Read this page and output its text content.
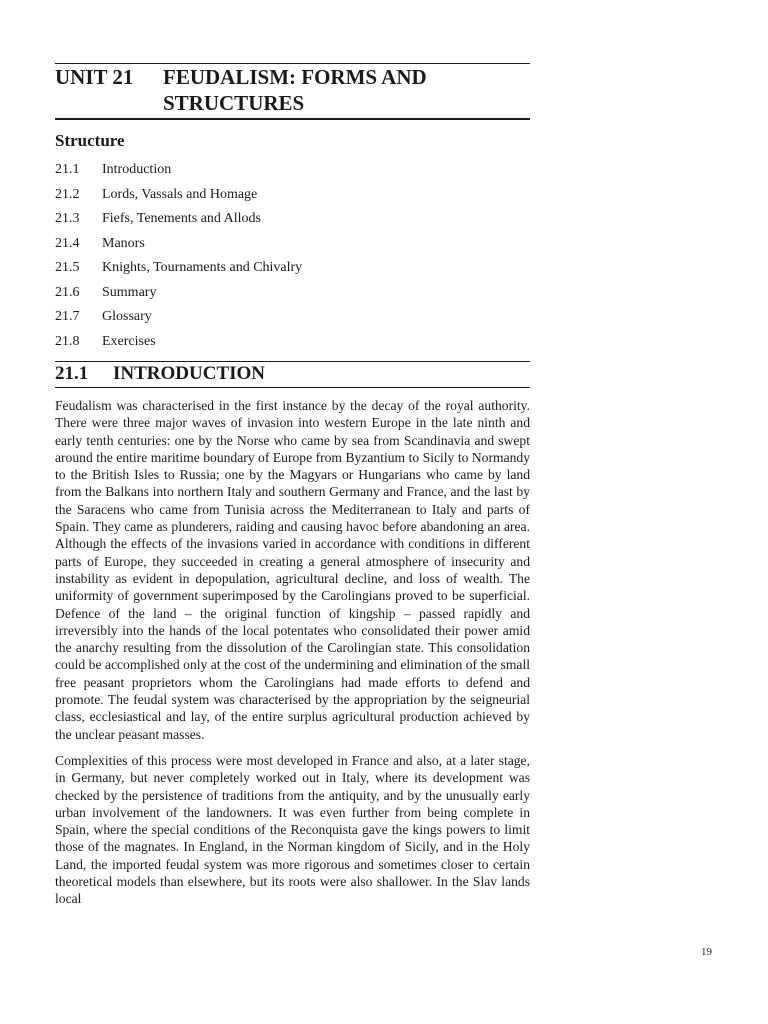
UNIT 21 FEUDALISM: FORMS AND
STRUCTURES
Structure
21.1 Introduction
21.2 Lords, Vassals and Homage
21.3 Fiefs, Tenements and Allods
21.4 Manors
21.5 Knights, Tournaments and Chivalry
21.6 Summary
21.7 Glossary
21.8 Exercises
21.1 INTRODUCTION

Feudalism was characterised in the first instance by the decay of the royal authority. There were three major waves of invasion into western Europe in the late ninth and early tenth centuries: one by the Norse who came by sea from Scandinavia and swept around the entire maritime boundary of Europe from Byzantium to Sicily to Normandy to the British Isles to Russia; one by the Magyars or Hungarians who came by land from the Balkans into northern Italy and southern Germany and France, and the last by the Saracens who came from Tunisia across the Mediterranean to Italy and parts of Spain. They came as plunderers, raiding and causing havoc before abandoning an area. Although the effects of the invasions varied in accordance with conditions in different parts of Europe, they succeeded in creating a general atmosphere of insecurity and instability as evident in depopulation, agricultural decline, and loss of wealth. The uniformity of government superimposed by the Carolingians proved to be superficial. Defence of the land – the original function of kingship – passed rapidly and irreversibly into the hands of the local potentates who consolidated their power amid the anarchy resulting from the dissolution of the Carolingian state. This consolidation could be accomplished only at the cost of the undermining and elimination of the small free peasant proprietors whom the Carolingians had made efforts to defend and promote. The feudal system was characterised by the appropriation by the seigneurial class, ecclesiastical and lay, of the entire surplus agricultural production achieved by the unclear peasant masses.

Complexities of this process were most developed in France and also, at a later stage, in Germany, but never completely worked out in Italy, where its development was checked by the persistence of traditions from the antiquity, and by the unusually early urban involvement of the landowners. It was even further from being complete in Spain, where the special conditions of the Reconquista gave the kings powers to limit those of the magnates. In England, in the Norman kingdom of Sicily, and in the Holy Land, the imported feudal system was more rigorous and sometimes closer to certain theoretical models than elsewhere, but its roots were also shallower. In the Slav lands local

19
